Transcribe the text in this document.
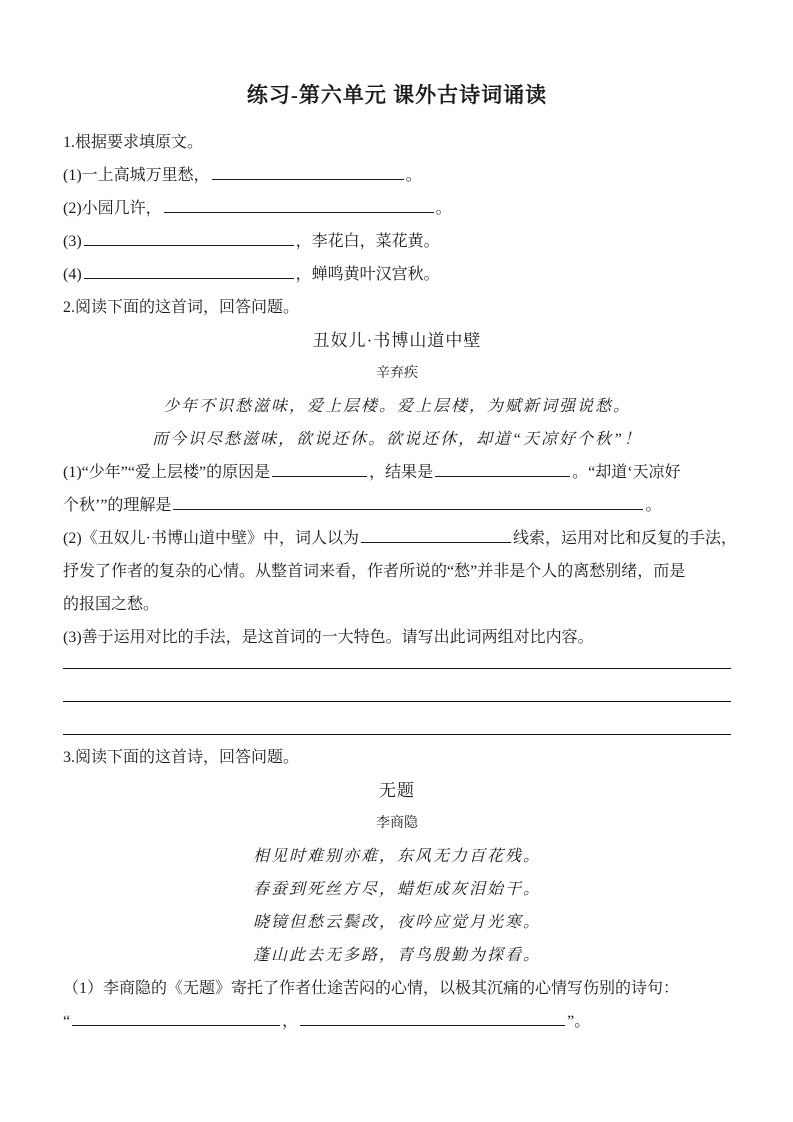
练习-第六单元 课外古诗词诵读

1.根据要求填原文。

(1)一上高城万里愁，	。

(2)小园几许，	。

(3)	，李花白，菜花黄。

(4)	，蝉鸣黄叶汉宫秋。

2.阅读下面的这首词，回答问题。

丑奴儿·书博山道中壁

辛弃疾

少年不识愁滋味，爱上层楼。爱上层楼，为赋新词强说愁。

而今识尽愁滋味，欲说还休。欲说还休，却道“天凉好个秋”！

(1)“少年”“爱上层楼”的原因是	，结果是	。“却道‘天凉好

个秋’”的理解是	。

(2)《丑奴儿·书博山道中壁》中，词人以为	线索，运用对比和反复的手法，

抒发了作者的复杂的心情。从整首词来看，作者所说的“愁”并非是个人的离愁别绪，而是

的报国之愁。

(3)善于运用对比的手法，是这首词的一大特色。请写出此词两组对比内容。

3.阅读下面的这首诗，回答问题。

无题

李商隐

相见时难别亦难，东风无力百花残。

春蚕到死丝方尽，蜡炬成灰泪始干。

晓镜但愁云鬓改，夜吟应觉月光寒。

蓬山此去无多路，青鸟殷勤为探看。

（1）李商隐的《无题》寄托了作者仕途苦闷的心情，以极其沉痛的心情写伤别的诗句：

“	，	”。
